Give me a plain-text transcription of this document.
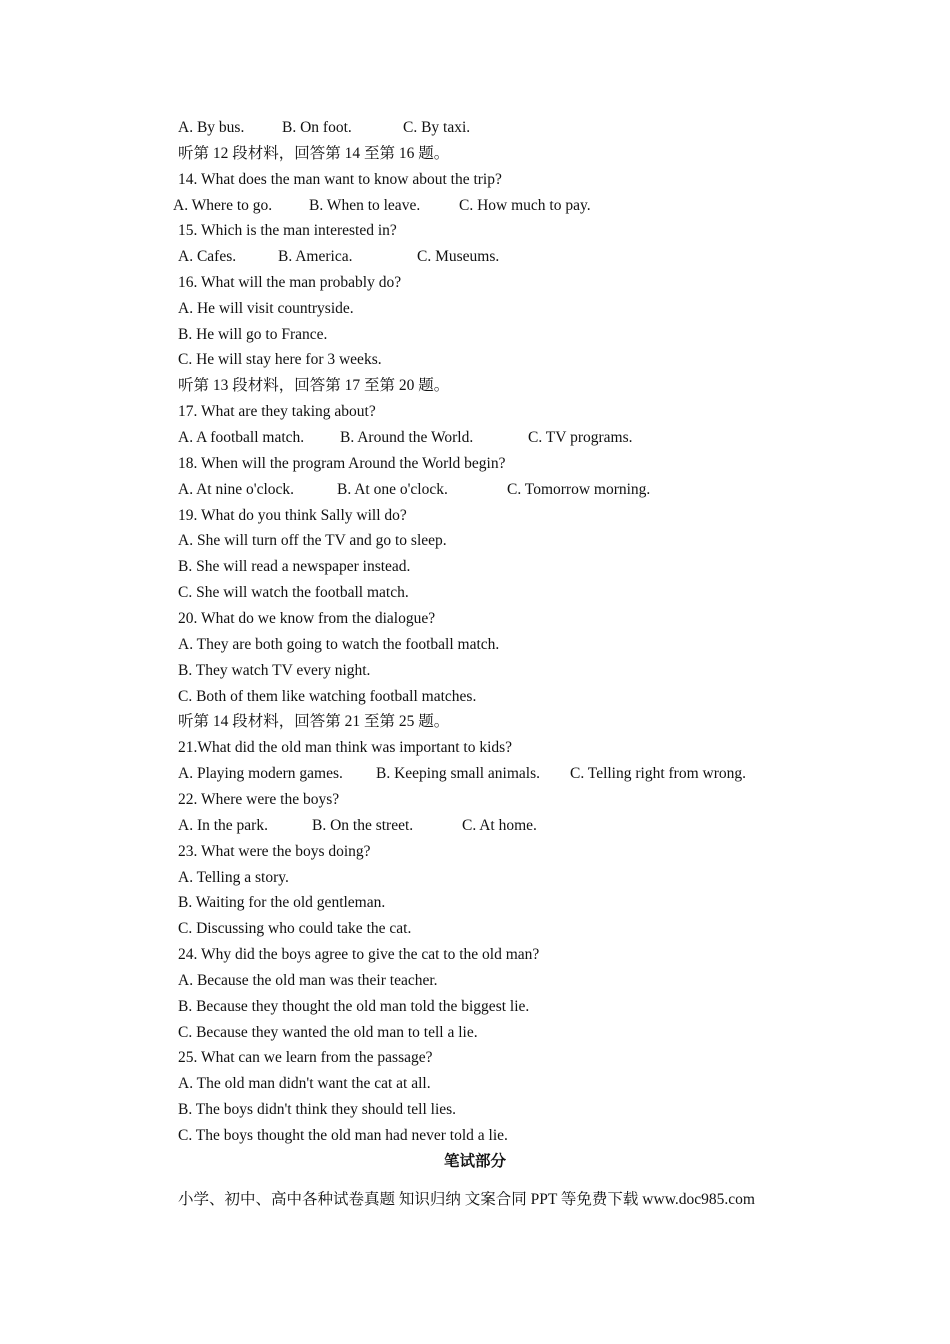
A. By bus. B. On foot.	C. By taxi.
听第 12 段材料，回答第 14 至第 16 题。
14. What does the man want to know about the trip?
A. Where to go. B. When to leave.	C. How much to pay.
15. Which is the man interested in?
A. Cafes.	B. America.	C. Museums.
16. What will the man probably do?
A. He will visit countryside.
B. He will go to France.
C. He will stay here for 3 weeks.
听第 13 段材料，回答第 17 至第 20 题。
17. What are they taking about?
A. A football match. B. Around the World.	C. TV programs.
18. When will the program Around the World begin?
A. At nine o'clock.	B. At one o'clock.	C. Tomorrow morning.
19. What do you think Sally will do?
A. She will turn off the TV and go to sleep.
B. She will read a newspaper instead.
C. She will watch the football match.
20. What do we know from the dialogue?
A. They are both going to watch the football match.
B. They watch TV every night.
C. Both of them like watching football matches.
听第 14 段材料，回答第 21 至第 25 题。
21.What did the old man think was important to kids?
A. Playing modern games. B. Keeping small animals. C. Telling right from wrong.
22. Where were the boys?
A. In the park.	B. On the street.	C. At home.
23. What were the boys doing?
A. Telling a story.
B. Waiting for the old gentleman.
C. Discussing who could take the cat.
24. Why did the boys agree to give the cat to the old man?
A. Because the old man was their teacher.
B. Because they thought the old man told the biggest lie.
C. Because they wanted the old man to tell a lie.
25. What can we learn from the passage?
A. The old man didn't want the cat at all.
B. The boys didn't think they should tell lies.
C. The boys thought the old man had never told a lie.
笔试部分
小学、初中、高中各种试卷真题 知识归纳 文案合同 PPT 等免费下载 www.doc985.com
